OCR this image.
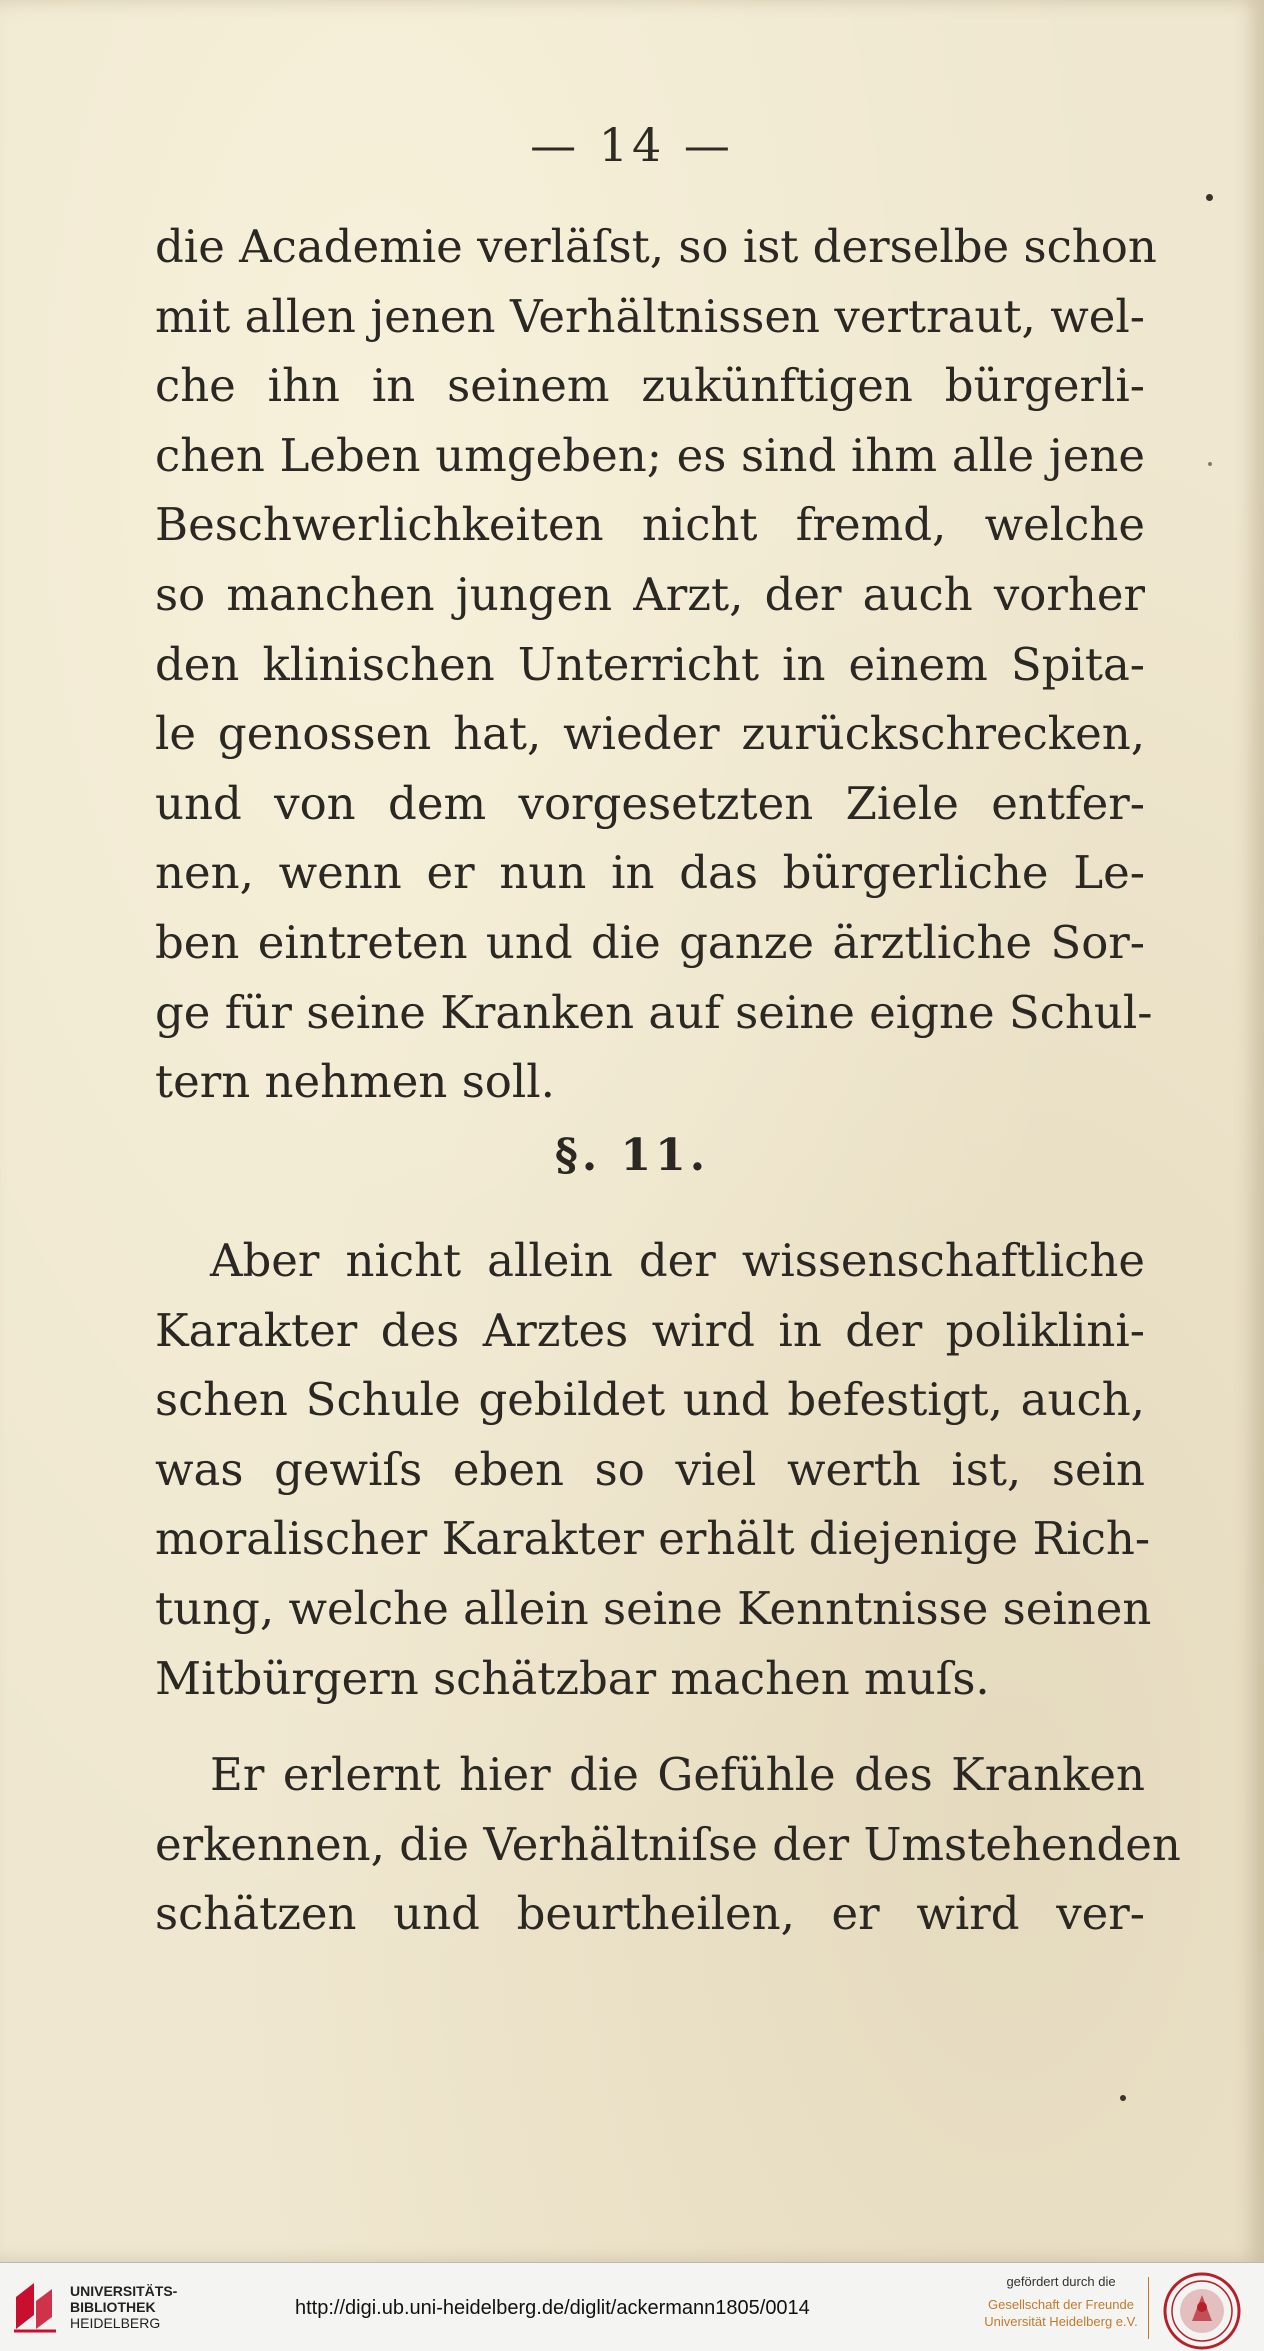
— 14 —
die Academie verläſst, so ist derselbe schon
mit allen jenen Verhältnissen vertraut, wel-
che ihn in seinem zukünftigen bürgerli-
chen Leben umgeben; es sind ihm alle jene
Beschwerlichkeiten nicht fremd, welche
so manchen jungen Arzt, der auch vorher
den klinischen Unterricht in einem Spita-
le genossen hat, wieder zurückschrecken,
und von dem vorgesetzten Ziele entfer-
nen, wenn er nun in das bürgerliche Le-
ben eintreten und die ganze ärztliche Sor-
ge für seine Kranken auf seine eigne Schul-
tern nehmen soll.
§. 11.
Aber nicht allein der wissenschaftliche
Karakter des Arztes wird in der poliklini-
schen Schule gebildet und befestigt, auch,
was gewiſs eben so viel werth ist, sein
moralischer Karakter erhält diejenige Rich-
tung, welche allein seine Kenntnisse seinen
Mitbürgern schätzbar machen muſs.
Er erlernt hier die Gefühle des Kranken
erkennen, die Verhältniſse der Umstehenden
schätzen und beurtheilen, er wird ver-
UNIVERSITÄTS-
BIBLIOTHEK
HEIDELBERG
http://digi.ub.uni-heidelberg.de/diglit/ackermann1805/0014
gefördert durch die
Gesellschaft der Freunde
Universität Heidelberg e.V.
